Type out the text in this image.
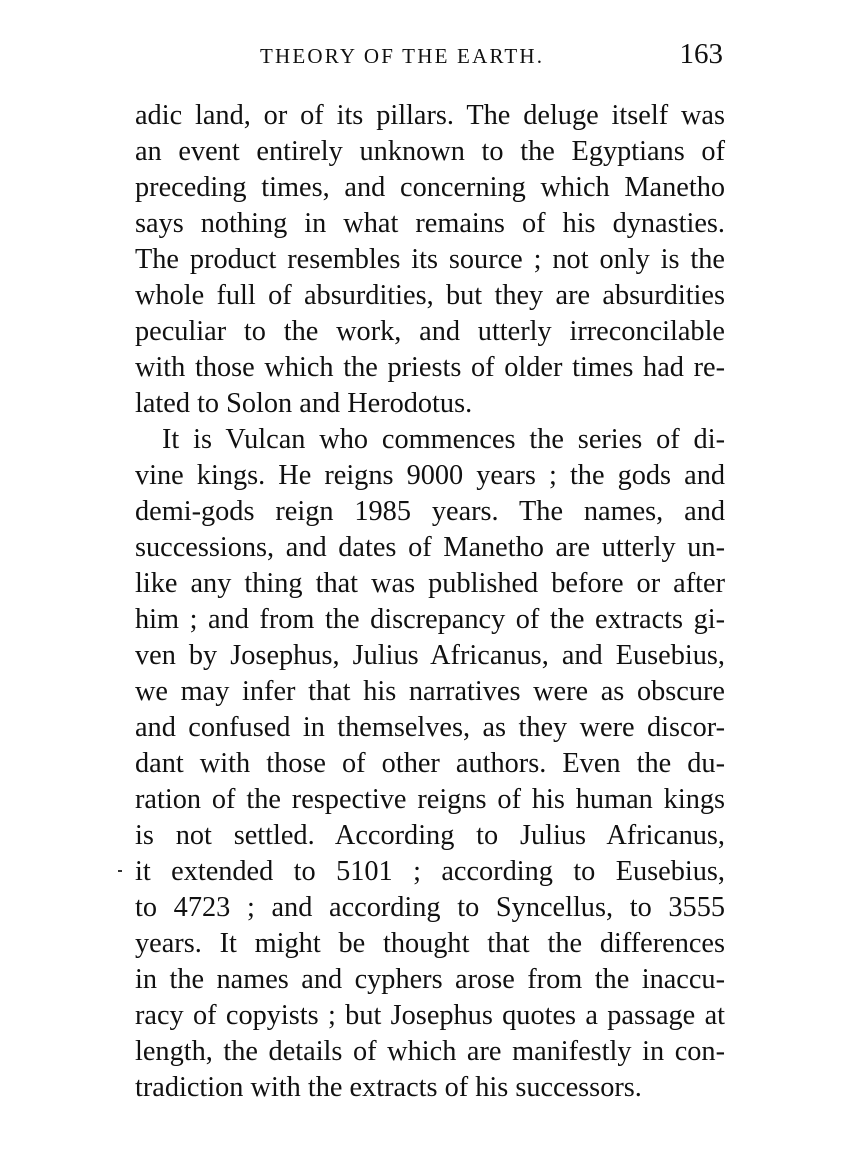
THEORY OF THE EARTH.	163
adic land, or of its pillars. The deluge itself was
an event entirely unknown to the Egyptians of
preceding times, and concerning which Manetho
says nothing in what remains of his dynasties.
The product resembles its source ; not only is the
whole full of absurdities, but they are absurdities
peculiar to the work, and utterly irreconcilable
with those which the priests of older times had re-
lated to Solon and Herodotus.
It is Vulcan who commences the series of di-
vine kings. He reigns 9000 years ; the gods and
demi-gods reign 1985 years. The names, and
successions, and dates of Manetho are utterly un-
like any thing that was published before or after
him ; and from the discrepancy of the extracts gi-
ven by Josephus, Julius Africanus, and Eusebius,
we may infer that his narratives were as obscure
and confused in themselves, as they were discor-
dant with those of other authors. Even the du-
ration of the respective reigns of his human kings
is not settled. According to Julius Africanus,
it extended to 5101 ; according to Eusebius,
to 4723 ; and according to Syncellus, to 3555
years. It might be thought that the differences
in the names and cyphers arose from the inaccu-
racy of copyists ; but Josephus quotes a passage at
length, the details of which are manifestly in con-
tradiction with the extracts of his successors.
